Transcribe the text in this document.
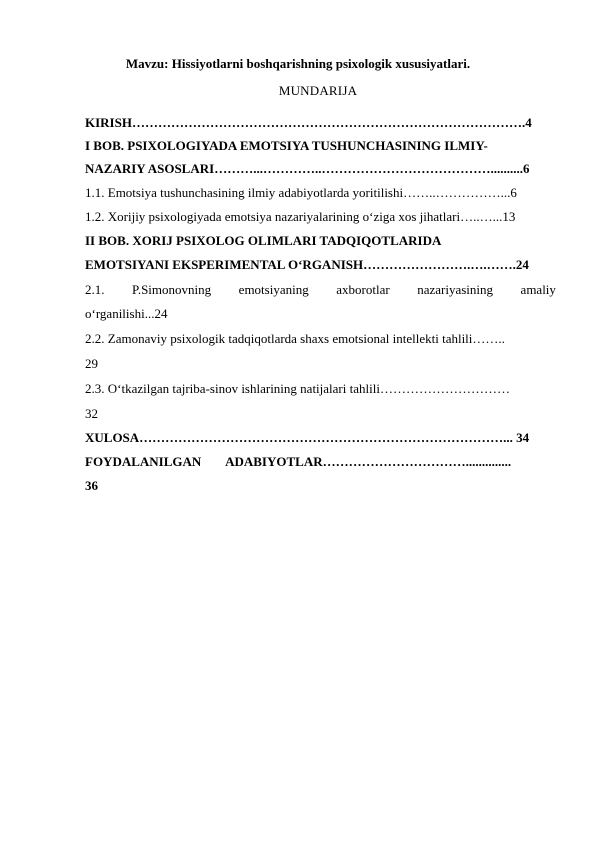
Mavzu: Hissiyotlarni boshqarishning psixologik xususiyatlari.
MUNDARIJA
KIRISH……………………………………………………………………………….4
I BOB. PSIXOLOGIYADA EMOTSIYA TUSHUNCHASINING ILMIY-
NAZARIY ASOSLARI………...…………..…………………………………..........6
1.1. Emotsiya tushunchasining ilmiy adabiyotlarda yoritilishi……..……………...6
1.2. Xorijiy psixologiyada emotsiya nazariyalarining o‘ziga xos jihatlari…..…...13
II BOB. XORIJ PSIXOLOG OLIMLARI TADQIQOTLARIDA
EMOTSIYANI EKSPERIMENTAL O‘RGANISH…………………….….…….24
2.1. P.Simonovning emotsiyaning axborotlar nazariyasining amaliy
o‘rganilishi...24
2.2. Zamonaviy psixologik tadqiqotlarda shaxs emotsional intellekti tahlili……..
29
2.3. O‘tkazilgan tajriba-sinov ishlarining natijalari tahlili…………………………
32
XULOSA…………………………………………………………………………... 34
FOYDALANILGAN ADABIYOTLAR……………………………..............
36
